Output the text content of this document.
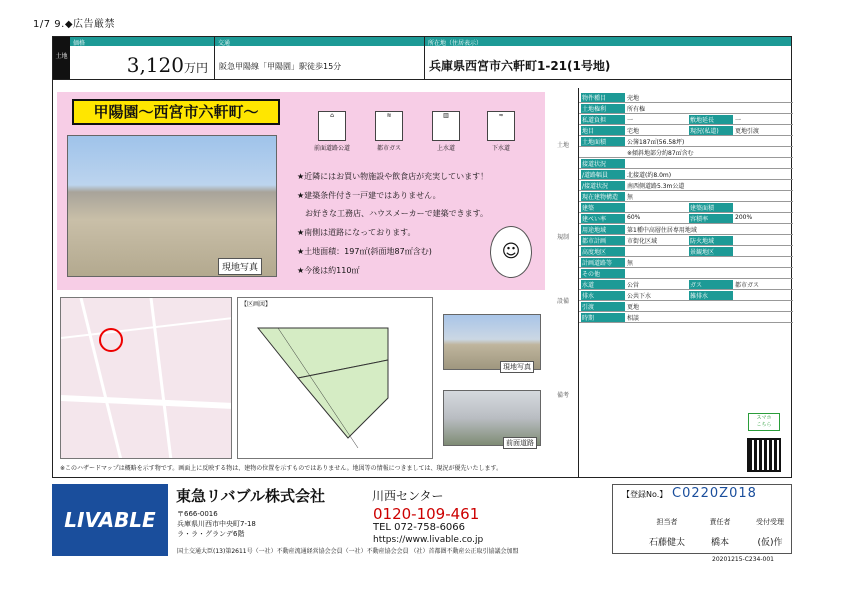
1/7 9.◆広告厳禁
土地
価格
3,120万円
交通
阪急甲陽線「甲陽園」駅徒歩15分
所在地（住居表示）
兵庫県西宮市六軒町1-21(1号地)
甲陽園～西宮市六軒町～
現地写真
⌂	≋	▥	≈
前面道路公道	都市ガス	上水道	下水道
★近隣にはお買い物施設や飲食店が充実しています！
★建築条件付き一戸建ではありません。
　お好きな工務店、ハウスメーカーで建築できます。
★南側は道路になっております。
★土地面積：197㎡(斜面地87㎡含む)
★今後は約110㎡
☺
物件種目	売地
土地権利	所有権
私道負担	一	敷地延長	一
地目	宅地	現況(私道)	更地引渡
土地面積	公簿187㎡(56.58坪)
※傾斜地部分約87㎡含む
接道状況
/道路幅員	北接道(約8.0m)
/接道状況	南西側道路5.3m公道
現在建物構造	無
建築	建築面積
建ぺい率	60%	容積率	200%
用途地域	第1種中高層住居専用地域
都市計画	市街化区域	防火地域
高度地区	景観地区
計画道路等	無
その他
水道	公営	ガス	都市ガス
排水	公共下水	雑排水
引渡	更地
時期	相談
土地
規制
設備
備考
【区画図】
現地写真
前面道路
スマホ
こちら
※このハザードマップは概略を示す物です。画面上に反映する物は、建物の位置を示すものではありません。地図等の情報につきましては、現況が優先いたします。
LIVABLE
東急リバブル株式会社	川西センター
0120-109-461
TEL 072-758-6066
https://www.livable.co.jp
〒666-0016
兵庫県川西市中央町7-18
ラ・ラ・グランデ6階
国土交通大臣(13)第2611号（一社）不動産流通経営協会会員（一社）不動産協会会員 （社）首都圏不動産公正取引協議会加盟
【登録No.】 C0220Z018
担当者	責任者	受付受理
石藤健太	橋本	(仮)作
20201215-C234-001
